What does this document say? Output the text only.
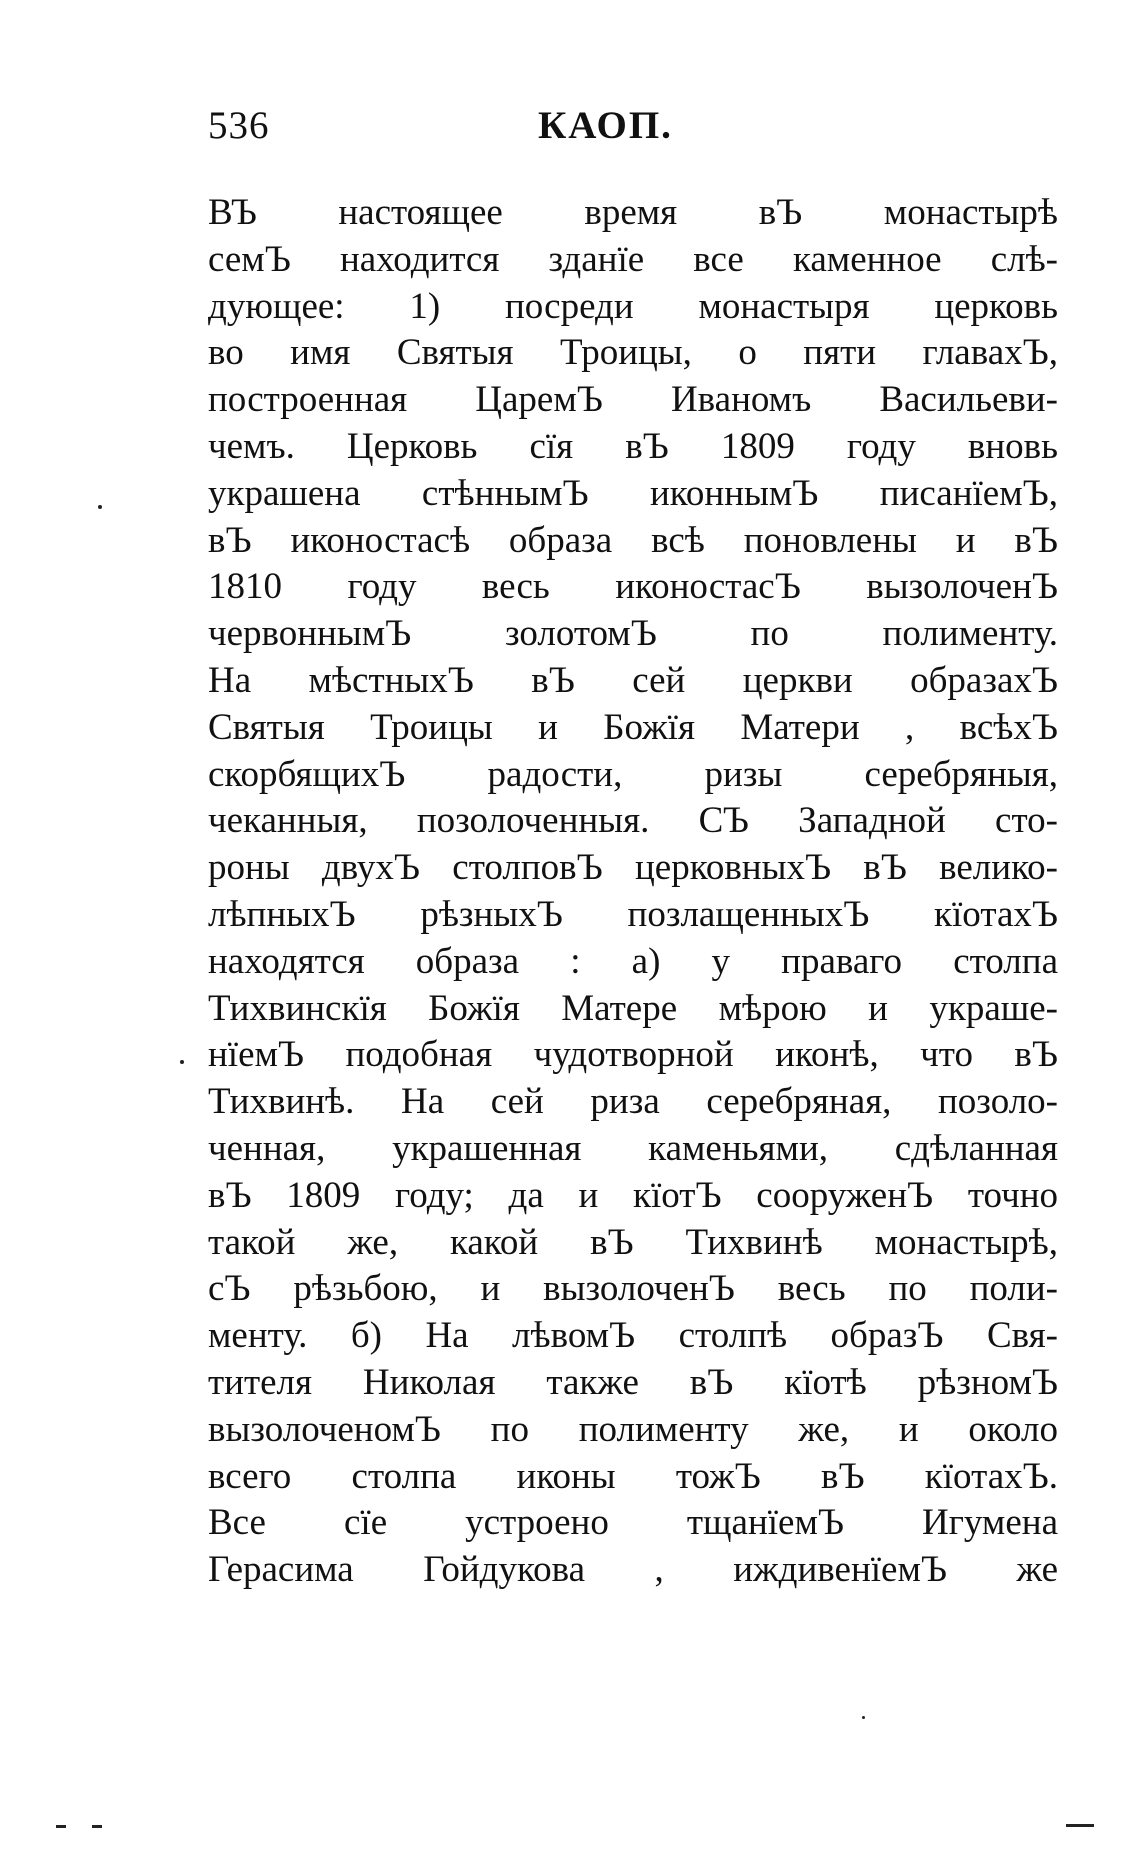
536	КАОП.
ВЪ настоящее время вЪ монастырѣ
семЪ находится зданїе все каменное слѣ-
дующее: 1) посреди монастыря церковь
во имя Святыя Троицы, о пяти главахЪ,
построенная ЦаремЪ Иваномъ Васильеви-
чемъ. Церковь сїя вЪ 1809 году вновь
украшена стѣннымЪ иконнымЪ писанїемЪ,
вЪ иконостасѣ образа всѣ поновлены и вЪ
1810 году весь иконостасЪ вызолоченЪ
червоннымЪ золотомЪ по полименту.
На мѣстныхЪ вЪ сей церкви образахЪ
Святыя Троицы и Божїя Матери , всѣхЪ
скорбящихЪ радости, ризы серебряныя,
чеканныя, позолоченныя. СЪ Западной сто-
роны двухЪ столповЪ церковныхЪ вЪ велико-
лѣпныхЪ рѣзныхЪ позлащенныхЪ кїотахЪ
находятся образа : а) у праваго столпа
Тихвинскїя Божїя Матере мѣрою и украше-
нїемЪ подобная чудотворной иконѣ, что вЪ
Тихвинѣ. На сей риза серебряная, позоло-
ченная, украшенная каменьями, сдѣланная
вЪ 1809 году; да и кїотЪ сооруженЪ точно
такой же, какой вЪ Тихвинѣ монастырѣ,
сЪ рѣзьбою, и вызолоченЪ весь по поли-
менту. б) На лѣвомЪ столпѣ образЪ Свя-
тителя Николая также вЪ кїотѣ рѣзномЪ
вызолоченомЪ по полименту же, и около
всего столпа иконы тожЪ вЪ кїотахЪ.
Все сїе устроено тщанїемЪ Игумена
Герасима Гойдукова , иждивенїемЪ же
